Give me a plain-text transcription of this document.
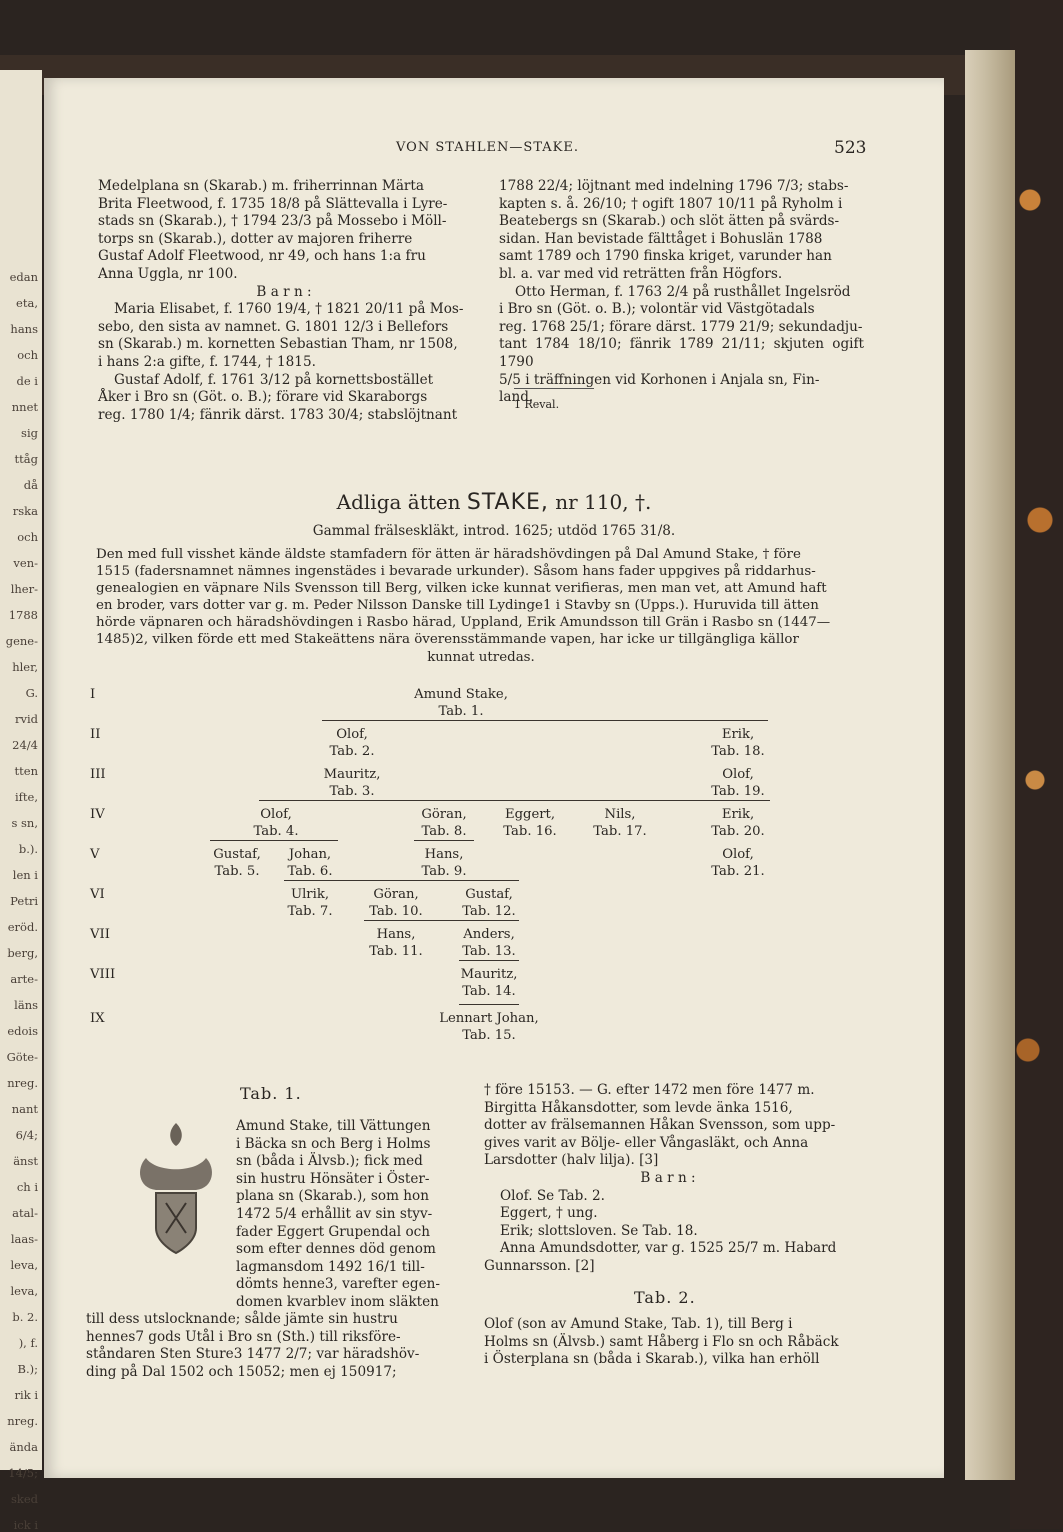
edan

eta,

hans

och

de i

nnet

sig

ttåg

då

rska

och

ven-

lher-

1788

gene-

hler,

G.

rvid

24/4

tten

ifte,

s sn,

b.).

len i

Petri

eröd.

berg,

arte-

läns

edois

Göte-

nreg.

nant

6/4;

änst

ch i

atal-

laas-

leva,

leva,

b. 2.

), f.

B.);

rik i

nreg.

ända

14/5;

sked

ick i

VON STAHLEN—STAKE.	523

Medelplana sn (Skarab.) m. friherrinnan Märta

Brita Fleetwood, f. 1735 18/8 på Slättevalla i Lyre-

stads sn (Skarab.), † 1794 23/3 på Mossebo i Möll-

torps sn (Skarab.), dotter av majoren friherre

Gustaf Adolf Fleetwood, nr 49, och hans 1:a fru

Anna Uggla, nr 100.

B a r n :

Maria Elisabet, f. 1760 19/4, † 1821 20/11 på Mos-

sebo, den sista av namnet. G. 1801 12/3 i Bellefors

sn (Skarab.) m. kornetten Sebastian Tham, nr 1508,

i hans 2:a gifte, f. 1744, † 1815.

Gustaf Adolf, f. 1761 3/12 på kornettsbostället

Åker i Bro sn (Göt. o. B.); förare vid Skaraborgs

reg. 1780 1/4; fänrik därst. 1783 30/4; stabslöjtnant

1788 22/4; löjtnant med indelning 1796 7/3; stabs-

kapten s. å. 26/10; † ogift 1807 10/11 på Ryholm i

Beatebergs sn (Skarab.) och slöt ätten på svärds-

sidan. Han bevistade fälttåget i Bohuslän 1788

samt 1789 och 1790 finska kriget, varunder han

bl. a. var med vid reträtten från Högfors.

Otto Herman, f. 1763 2/4 på rusthållet Ingelsröd

i Bro sn (Göt. o. B.); volontär vid Västgötadals

reg. 1768 25/1; förare därst. 1779 21/9; sekundadju-

tant 1784 18/10; fänrik 1789 21/11; skjuten ogift 1790

5/5 i träffningen vid Korhonen i Anjala sn, Fin-

land.

1 Reval.
Adliga ätten STAKE, nr 110, †.
Gammal frälseskläkt, introd. 1625; utdöd 1765 31/8.

Den med full visshet kände äldste stamfadern för ätten är häradshövdingen på Dal Amund Stake, † före

1515 (fadersnamnet nämnes ingenstädes i bevarade urkunder). Såsom hans fader uppgives på riddarhus-

genealogien en väpnare Nils Svensson till Berg, vilken icke kunnat verifieras, men man vet, att Amund haft

en broder, vars dotter var g. m. Peder Nilsson Danske till Lydinge1 i Stavby sn (Upps.). Huruvida till ätten

hörde väpnaren och häradshövdingen i Rasbo härad, Uppland, Erik Amundsson till Grän i Rasbo sn (1447—

1485)2, vilken förde ett med Stakeättens nära överensstämmande vapen, har icke ur tillgängliga källor

kunnat utredas.

I
II
III
IV
V
VI
VII
VIII
IX
Amund Stake,
Tab. 1.
Olof,
Tab. 2.
Erik,
Tab. 18.
Mauritz,
Tab. 3.
Olof,
Tab. 19.
Olof,
Tab. 4.
Göran,
Tab. 8.
Eggert,
Tab. 16.
Nils,
Tab. 17.
Erik,
Tab. 20.
Gustaf,
Tab. 5.
Johan,
Tab. 6.
Hans,
Tab. 9.
Olof,
Tab. 21.
Ulrik,
Tab. 7.
Göran,
Tab. 10.
Gustaf,
Tab. 12.
Hans,
Tab. 11.
Anders,
Tab. 13.
Mauritz,
Tab. 14.
Lennart Johan,
Tab. 15.
Tab. 1.

Amund Stake, till Vättungen

i Bäcka sn och Berg i Holms

sn (båda i Älvsb.); fick med

sin hustru Hönsäter i Öster-

plana sn (Skarab.), som hon

1472 5/4 erhållit av sin styv-

fader Eggert Grupendal och

som efter dennes död genom

lagmansdom 1492 16/1 till-

dömts henne3, varefter egen-

domen kvarblev inom släkten

till dess utslocknande; sålde jämte sin hustru

hennes7 gods Utål i Bro sn (Sth.) till riksföre-

ståndaren Sten Sture3 1477 2/7; var häradshöv-

ding på Dal 1502 och 15052; men ej 150917;

† före 15153. — G. efter 1472 men före 1477 m.

Birgitta Håkansdotter, som levde änka 1516,

dotter av frälsemannen Håkan Svensson, som upp-

gives varit av Bölje- eller Vångasläkt, och Anna

Larsdotter (halv lilja). [3]

B a r n :

Olof. Se Tab. 2.

Eggert, † ung.

Erik; slottsloven. Se Tab. 18.

Anna Amundsdotter, var g. 1525 25/7 m. Habard

Gunnarsson. [2]

Tab. 2.

Olof (son av Amund Stake, Tab. 1), till Berg i

Holms sn (Älvsb.) samt Håberg i Flo sn och Råbäck

i Österplana sn (båda i Skarab.), vilka han erhöll
